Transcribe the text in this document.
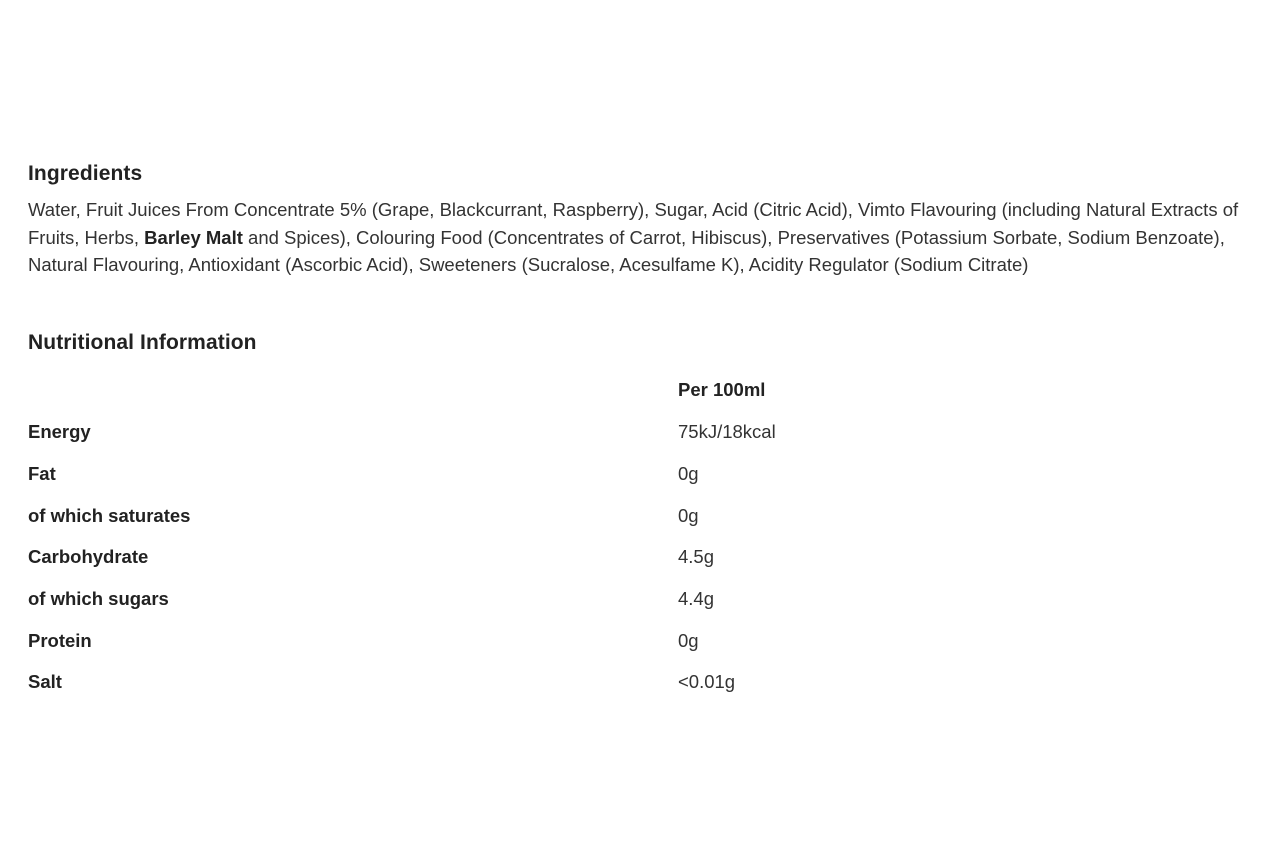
Ingredients

Water, Fruit Juices From Concentrate 5% (Grape, Blackcurrant, Raspberry), Sugar, Acid (Citric Acid), Vimto Flavouring (including Natural Extracts of Fruits, Herbs, Barley Malt and Spices), Colouring Food (Concentrates of Carrot, Hibiscus), Preservatives (Potassium Sorbate, Sodium Benzoate), Natural Flavouring, Antioxidant (Ascorbic Acid), Sweeteners (Sucralose, Acesulfame K), Acidity Regulator (Sodium Citrate)

Nutritional Information
Per 100ml
Energy	75kJ/18kcal
Fat	0g
of which saturates	0g
Carbohydrate	4.5g
of which sugars	4.4g
Protein	0g
Salt	<0.01g
